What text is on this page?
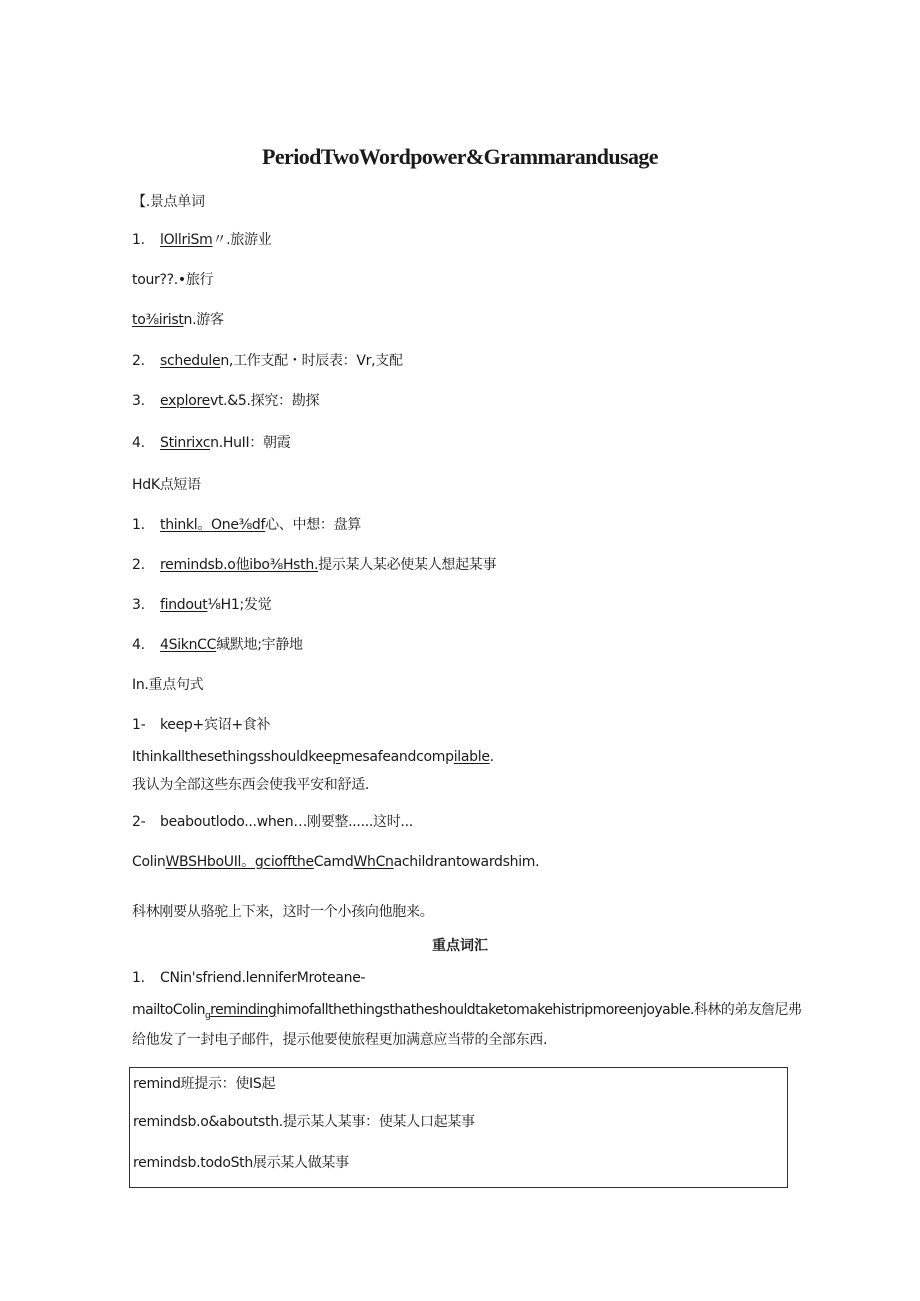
PeriodTwoWordpower&Grammarandusage
【.景点单词
1. lOllriSm〃.旅游业
tour??.•旅行
to⅜iristn.游客
2. schedulen,工作支配・时辰表：Vr,支配
3. explorevt.&5.探究：勘探
4. Stinrixcn.HuII：朝霞
HdK点短语
1. thinkl。One⅜df心、中想：盘算
2. remindsb.o他ibo⅜Hsth.提示某人某必使某人想起某事
3. findout⅛H1;发觉
4. 4SiknCC缄默地;宇静地
In.重点句式
1- keep+宾诏+食补
Ithinkallthesethingsshouldkeepmesafeandcompilable.
我认为全部这些东西会使我平安和舒适.
2- beaboutlodo...when…刚要整......这时...
ColinWBSHboUIl。gciofftheCamdWhCnachildrantowardshim.
科林刚要从骆驼上下来，这时一个小孩向他胞来。
重点词汇
1. CNin'sfriend.lenniferMroteane-
mailtoColin$_g$remindinghimofallthethingsthatheshouldtaketomakehistripmoreenjoyable.科林的弟友詹尼弗
给他发了一封电子邮件，提示他要使旅程更加满意应当带的全部东西.
remind班提示：使IS起
remindsb.o&aboutsth.提示某人某事：使某人口起某事
remindsb.todoSth展示某人做某事
